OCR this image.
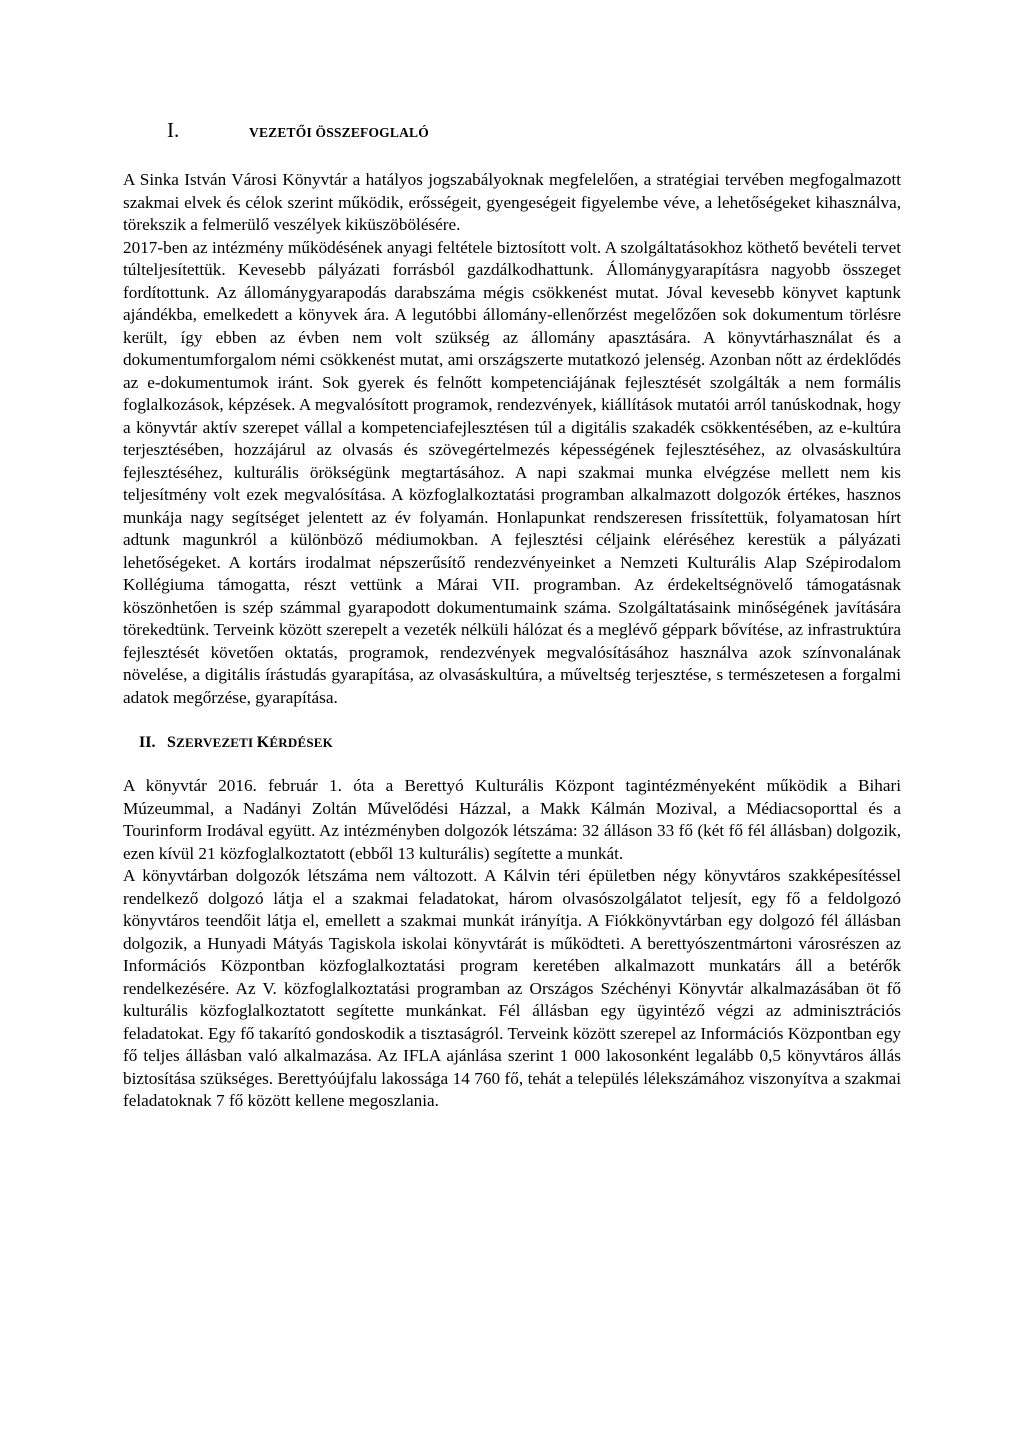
I.	VEZETŐI ÖSSZEFOGLALÓ

A Sinka István Városi Könyvtár a hatályos jogszabályoknak megfelelően, a stratégiai tervében megfogalmazott szakmai elvek és célok szerint működik, erősségeit, gyengeségeit figyelembe véve, a lehetőségeket kihasználva, törekszik a felmerülő veszélyek kiküszöbölésére.

2017-ben az intézmény működésének anyagi feltétele biztosított volt. A szolgáltatásokhoz köthető bevételi tervet túlteljesítettük. Kevesebb pályázati forrásból gazdálkodhattunk. Állománygyarapításra nagyobb összeget fordítottunk. Az állománygyarapodás darabszáma mégis csökkenést mutat. Jóval kevesebb könyvet kaptunk ajándékba, emelkedett a könyvek ára. A legutóbbi állomány-ellenőrzést megelőzően sok dokumentum törlésre került, így ebben az évben nem volt szükség az állomány apasztására. A könyvtárhasználat és a dokumentumforgalom némi csökkenést mutat, ami országszerte mutatkozó jelenség. Azonban nőtt az érdeklődés az e-dokumentumok iránt. Sok gyerek és felnőtt kompetenciájának fejlesztését szolgálták a nem formális foglalkozások, képzések. A megvalósított programok, rendezvények, kiállítások mutatói arról tanúskodnak, hogy a könyvtár aktív szerepet vállal a kompetenciafejlesztésen túl a digitális szakadék csökkentésében, az e-kultúra terjesztésében, hozzájárul az olvasás és szövegértelmezés képességének fejlesztéséhez, az olvasáskultúra fejlesztéséhez, kulturális örökségünk megtartásához. A napi szakmai munka elvégzése mellett nem kis teljesítmény volt ezek megvalósítása. A közfoglalkoztatási programban alkalmazott dolgozók értékes, hasznos munkája nagy segítséget jelentett az év folyamán. Honlapunkat rendszeresen frissítettük, folyamatosan hírt adtunk magunkról a különböző médiumokban. A fejlesztési céljaink eléréséhez kerestük a pályázati lehetőségeket. A kortárs irodalmat népszerűsítő rendezvényeinket a Nemzeti Kulturális Alap Szépirodalom Kollégiuma támogatta, részt vettünk a Márai VII. programban. Az érdekeltségnövelő támogatásnak köszönhetően is szép számmal gyarapodott dokumentumaink száma. Szolgáltatásaink minőségének javítására törekedtünk. Terveink között szerepelt a vezeték nélküli hálózat és a meglévő géppark bővítése, az infrastruktúra fejlesztését követően oktatás, programok, rendezvények megvalósításához használva azok színvonalának növelése, a digitális írástudás gyarapítása, az olvasáskultúra, a műveltség terjesztése, s természetesen a forgalmi adatok megőrzése, gyarapítása.

II. SZERVEZETI KÉRDÉSEK

A könyvtár 2016. február 1. óta a Berettyó Kulturális Központ tagintézményeként működik a Bihari Múzeummal, a Nadányi Zoltán Művelődési Házzal, a Makk Kálmán Mozival, a Médiacsoporttal és a Tourinform Irodával együtt. Az intézményben dolgozók létszáma: 32 álláson 33 fő (két fő fél állásban) dolgozik, ezen kívül 21 közfoglalkoztatott (ebből 13 kulturális) segítette a munkát.

A könyvtárban dolgozók létszáma nem változott. A Kálvin téri épületben négy könyvtáros szakképesítéssel rendelkező dolgozó látja el a szakmai feladatokat, három olvasószolgálatot teljesít, egy fő a feldolgozó könyvtáros teendőit látja el, emellett a szakmai munkát irányítja. A Fiókkönyvtárban egy dolgozó fél állásban dolgozik, a Hunyadi Mátyás Tagiskola iskolai könyvtárát is működteti. A berettyószentmártoni városrészen az Információs Központban közfoglalkoztatási program keretében alkalmazott munkatárs áll a betérők rendelkezésére. Az V. közfoglalkoztatási programban az Országos Széchényi Könyvtár alkalmazásában öt fő kulturális közfoglalkoztatott segítette munkánkat. Fél állásban egy ügyintéző végzi az adminisztrációs feladatokat. Egy fő takarító gondoskodik a tisztaságról. Terveink között szerepel az Információs Központban egy fő teljes állásban való alkalmazása. Az IFLA ajánlása szerint 1 000 lakosonként legalább 0,5 könyvtáros állás biztosítása szükséges. Berettyóújfalu lakossága 14 760 fő, tehát a település lélekszámához viszonyítva a szakmai feladatoknak 7 fő között kellene megoszlania.
